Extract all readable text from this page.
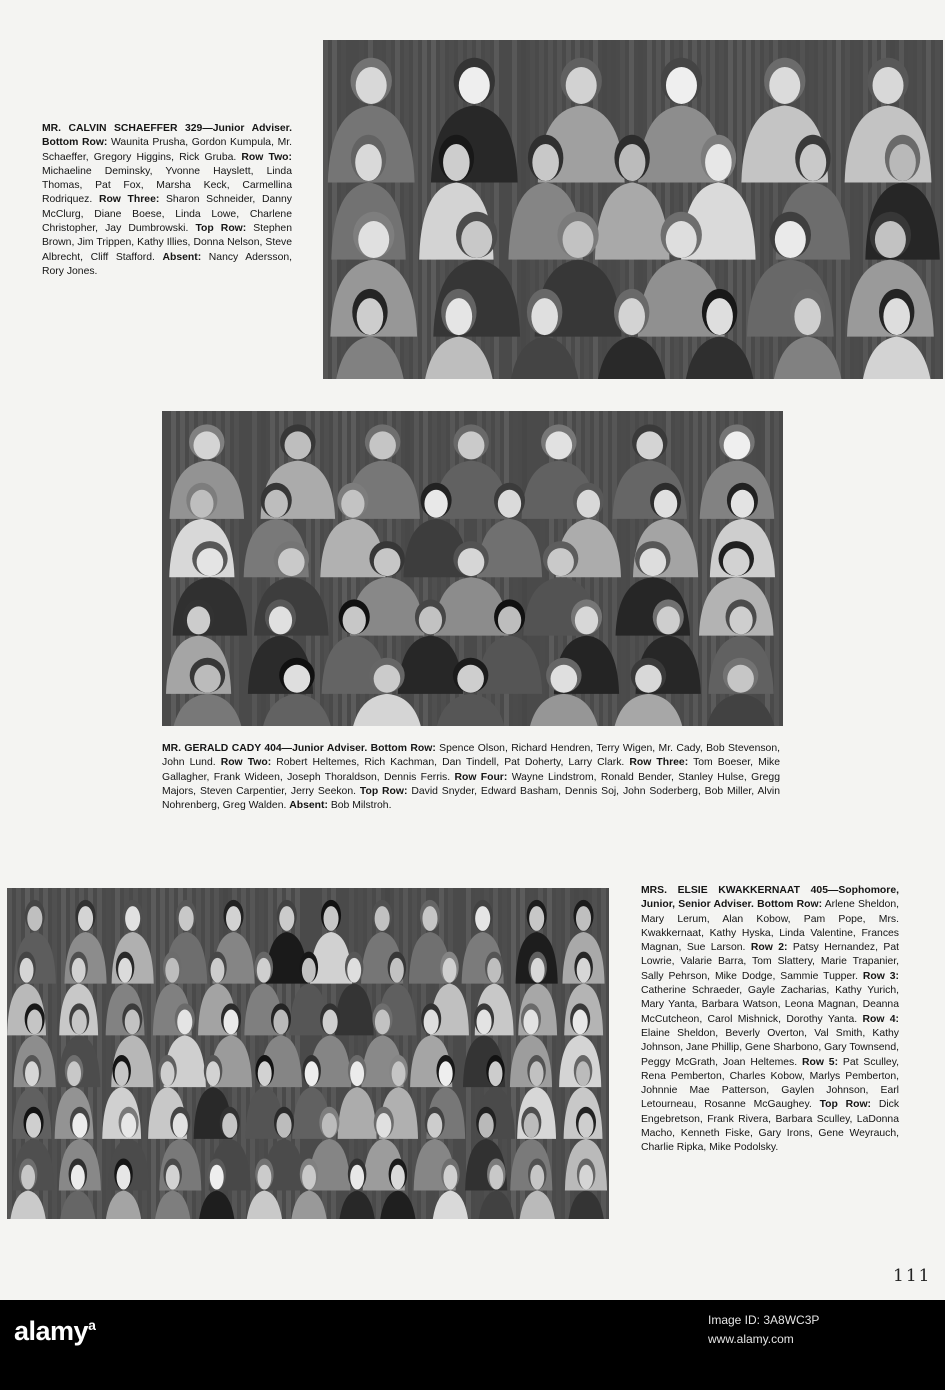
MR. CALVIN SCHAEFFER 329—Junior Adviser. Bottom Row: Waunita Prusha, Gordon Kumpula, Mr. Schaeffer, Gregory Higgins, Rick Gruba. Row Two: Michaeline Deminsky, Yvonne Hayslett, Linda Thomas, Pat Fox, Marsha Keck, Carmellina Rodriquez. Row Three: Sharon Schneider, Danny McClurg, Diane Boese, Linda Lowe, Charlene Christopher, Jay Dumbrowski. Top Row: Stephen Brown, Jim Trippen, Kathy Illies, Donna Nelson, Steve Albrecht, Cliff Stafford. Absent: Nancy Adersson, Rory Jones.
MR. GERALD CADY 404—Junior Adviser. Bottom Row: Spence Olson, Richard Hendren, Terry Wigen, Mr. Cady, Bob Stevenson, John Lund. Row Two: Robert Heltemes, Rich Kachman, Dan Tindell, Pat Doherty, Larry Clark. Row Three: Tom Boeser, Mike Gallagher, Frank Wideen, Joseph Thoraldson, Dennis Ferris. Row Four: Wayne Lindstrom, Ronald Bender, Stanley Hulse, Gregg Majors, Steven Carpentier, Jerry Seekon. Top Row: David Snyder, Edward Basham, Dennis Soj, John Soderberg, Bob Miller, Alvin Nohrenberg, Greg Walden. Absent: Bob Milstroh.
MRS. ELSIE KWAKKERNAAT 405—Sophomore, Junior, Senior Adviser. Bottom Row: Arlene Sheldon, Mary Lerum, Alan Kobow, Pam Pope, Mrs. Kwakkernaat, Kathy Hyska, Linda Valentine, Frances Magnan, Sue Larson. Row 2: Patsy Hernandez, Pat Lowrie, Valarie Barra, Tom Slattery, Marie Trapanier, Sally Pehrson, Mike Dodge, Sammie Tupper. Row 3: Catherine Schraeder, Gayle Zacharias, Kathy Yurich, Mary Yanta, Barbara Watson, Leona Magnan, Deanna McCutcheon, Carol Mishnick, Dorothy Yanta. Row 4: Elaine Sheldon, Beverly Overton, Val Smith, Kathy Johnson, Jane Phillip, Gene Sharbono, Gary Townsend, Peggy McGrath, Joan Heltemes. Row 5: Pat Sculley, Rena Pemberton, Charles Kobow, Marlys Pemberton, Johnnie Mae Patterson, Gaylen Johnson, Earl Letourneau, Rosanne McGaughey. Top Row: Dick Engebretson, Frank Rivera, Barbara Sculley, LaDonna Macho, Kenneth Fiske, Gary Irons, Gene Weyrauch, Charlie Ripka, Mike Podolsky.
111
alamy$^a$	Image ID: 3A8WC3P
www.alamy.com
